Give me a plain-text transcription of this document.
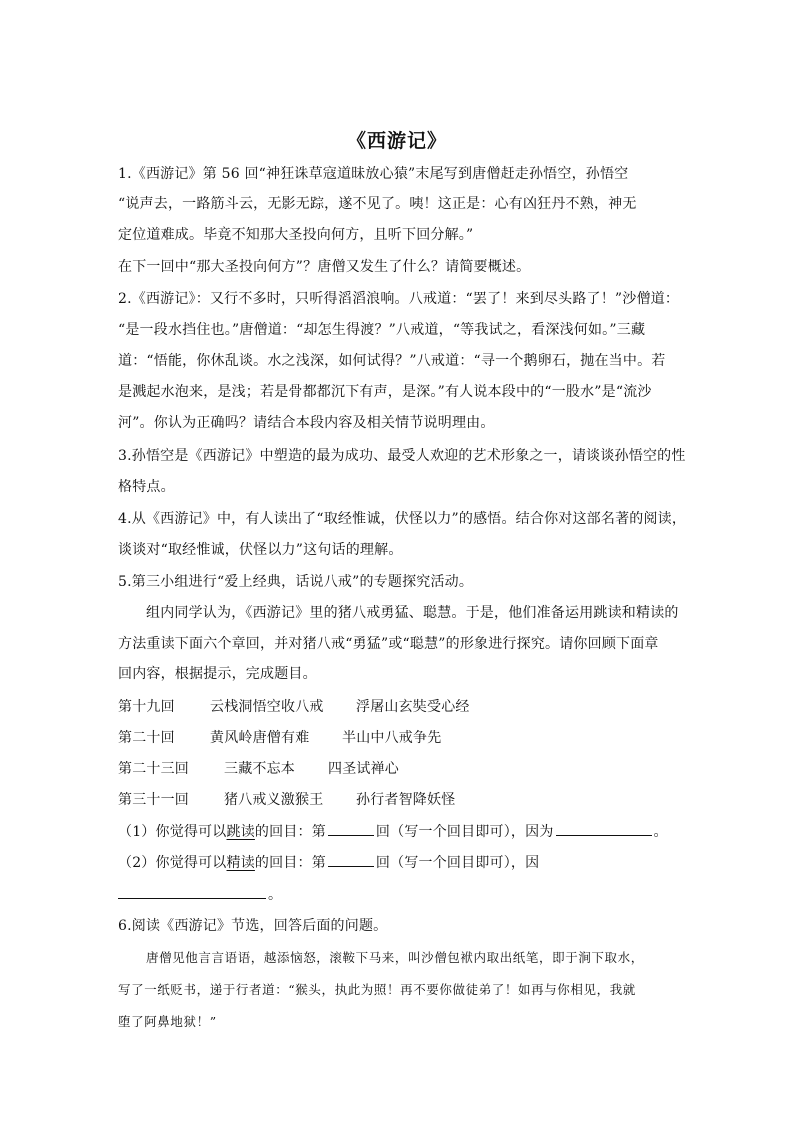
《西游记》
1.《西游记》第 56 回“神狂诛草寇道昧放心猿”末尾写到唐僧赶走孙悟空，孙悟空
“说声去，一路筋斗云，无影无踪，遂不见了。咦！这正是：心有凶狂丹不熟，神无
定位道难成。毕竟不知那大圣投向何方，且听下回分解。”
在下一回中“那大圣投向何方”？唐僧又发生了什么？请简要概述。
2.《西游记》：又行不多时，只听得滔滔浪响。八戒道：“罢了！来到尽头路了！”沙僧道：
“是一段水挡住也。”唐僧道：“却怎生得渡？”八戒道，“等我试之，看深浅何如。”三藏
道：“悟能，你休乱谈。水之浅深，如何试得？”八戒道：“寻一个鹅卵石，抛在当中。若
是溅起水泡来，是浅；若是骨都都沉下有声，是深。”有人说本段中的“一股水”是“流沙
河”。你认为正确吗？请结合本段内容及相关情节说明理由。
3.孙悟空是《西游记》中塑造的最为成功、最受人欢迎的艺术形象之一，请谈谈孙悟空的性
格特点。
4.从《西游记》中，有人读出了“取经惟诚，伏怪以力”的感悟。结合你对这部名著的阅读，
谈谈对“取经惟诚，伏怪以力”这句话的理解。
5.第三小组进行“爱上经典，话说八戒”的专题探究活动。
组内同学认为，《西游记》里的猪八戒勇猛、聪慧。于是，他们准备运用跳读和精读的
方法重读下面六个章回，并对猪八戒“勇猛”或“聪慧”的形象进行探究。请你回顾下面章
回内容，根据提示，完成题目。
第十九回	云栈洞悟空收八戒 浮屠山玄奘受心经
第二十回	黄风岭唐僧有难 半山中八戒争先
第二十三回	三藏不忘本 四圣试禅心
第三十一回	猪八戒义激猴王 孙行者智降妖怪
（1）你觉得可以跳读的回目：第	回（写一个回目即可），因为	。
（2）你觉得可以精读的回目：第	回（写一个回目即可），因
。
6.阅读《西游记》节选，回答后面的问题。
唐僧见他言言语语，越添恼怒，滚鞍下马来，叫沙僧包袱内取出纸笔，即于涧下取水，
写了一纸贬书，递于行者道：“猴头，执此为照！再不要你做徒弟了！如再与你相见，我就
堕了阿鼻地狱！”
